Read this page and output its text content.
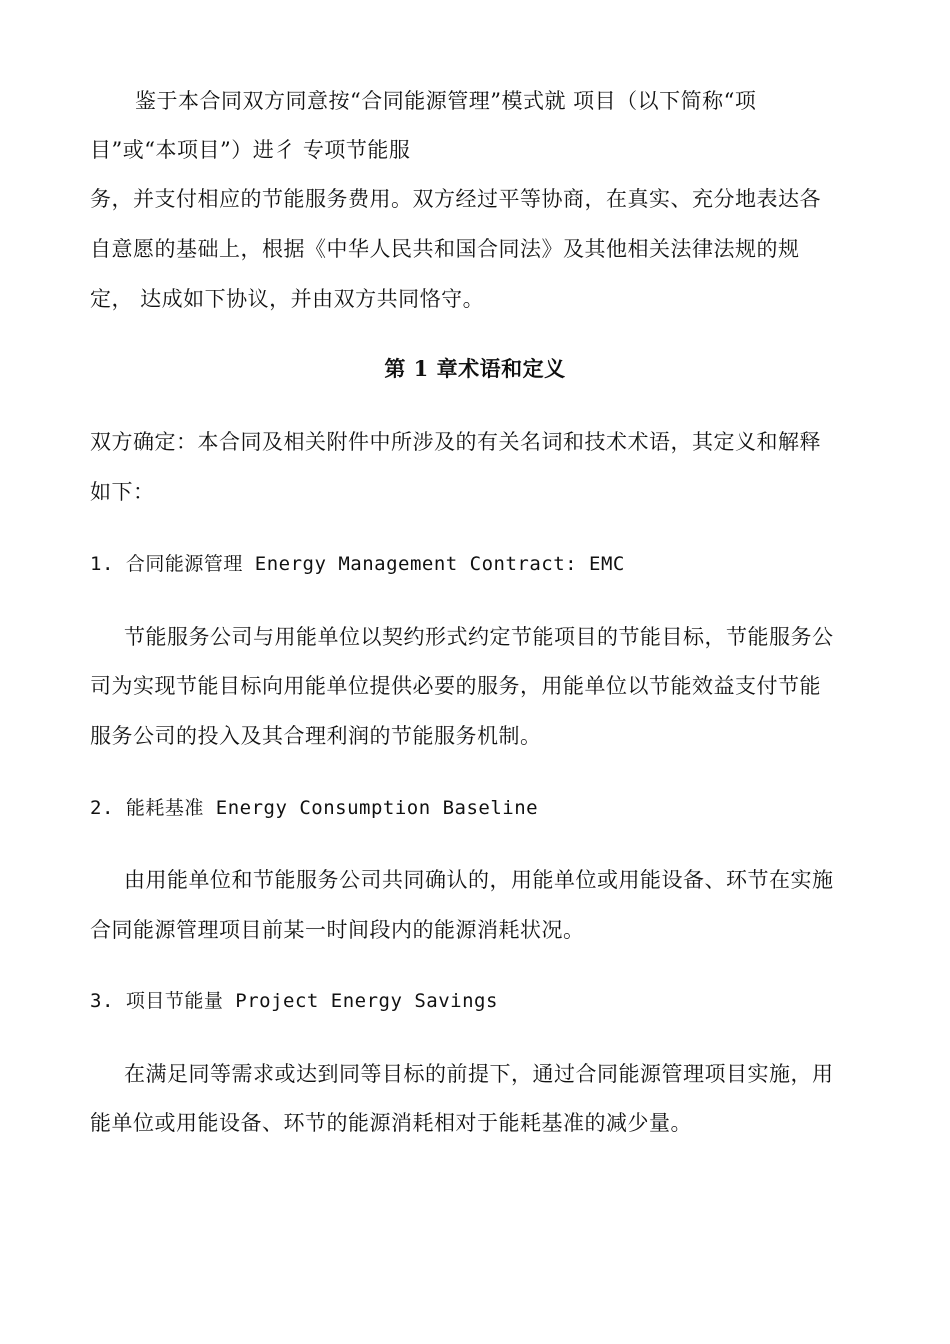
鉴于本合同双方同意按“合同能源管理”模式就 项目（以下简称“项
目”或“本项目”）进彳 专项节能服
务，并支付相应的节能服务费用。双方经过平等协商，在真实、充分地表达各
自意愿的基础上，根据《中华人民共和国合同法》及其他相关法律法规的规
定， 达成如下协议，并由双方共同恪守。
第 1 章术语和定义
双方确定：本合同及相关附件中所涉及的有关名词和技术术语，其定义和解释
如下：
1. 合同能源管理 Energy Management Contract: EMC
节能服务公司与用能单位以契约形式约定节能项目的节能目标，节能服务公
司为实现节能目标向用能单位提供必要的服务，用能单位以节能效益支付节能
服务公司的投入及其合理利润的节能服务机制。
2. 能耗基准 Energy Consumption Baseline
由用能单位和节能服务公司共同确认的，用能单位或用能设备、环节在实施
合同能源管理项目前某一时间段内的能源消耗状况。
3. 项目节能量 Project Energy Savings
在满足同等需求或达到同等目标的前提下，通过合同能源管理项目实施，用
能单位或用能设备、环节的能源消耗相对于能耗基准的减少量。
